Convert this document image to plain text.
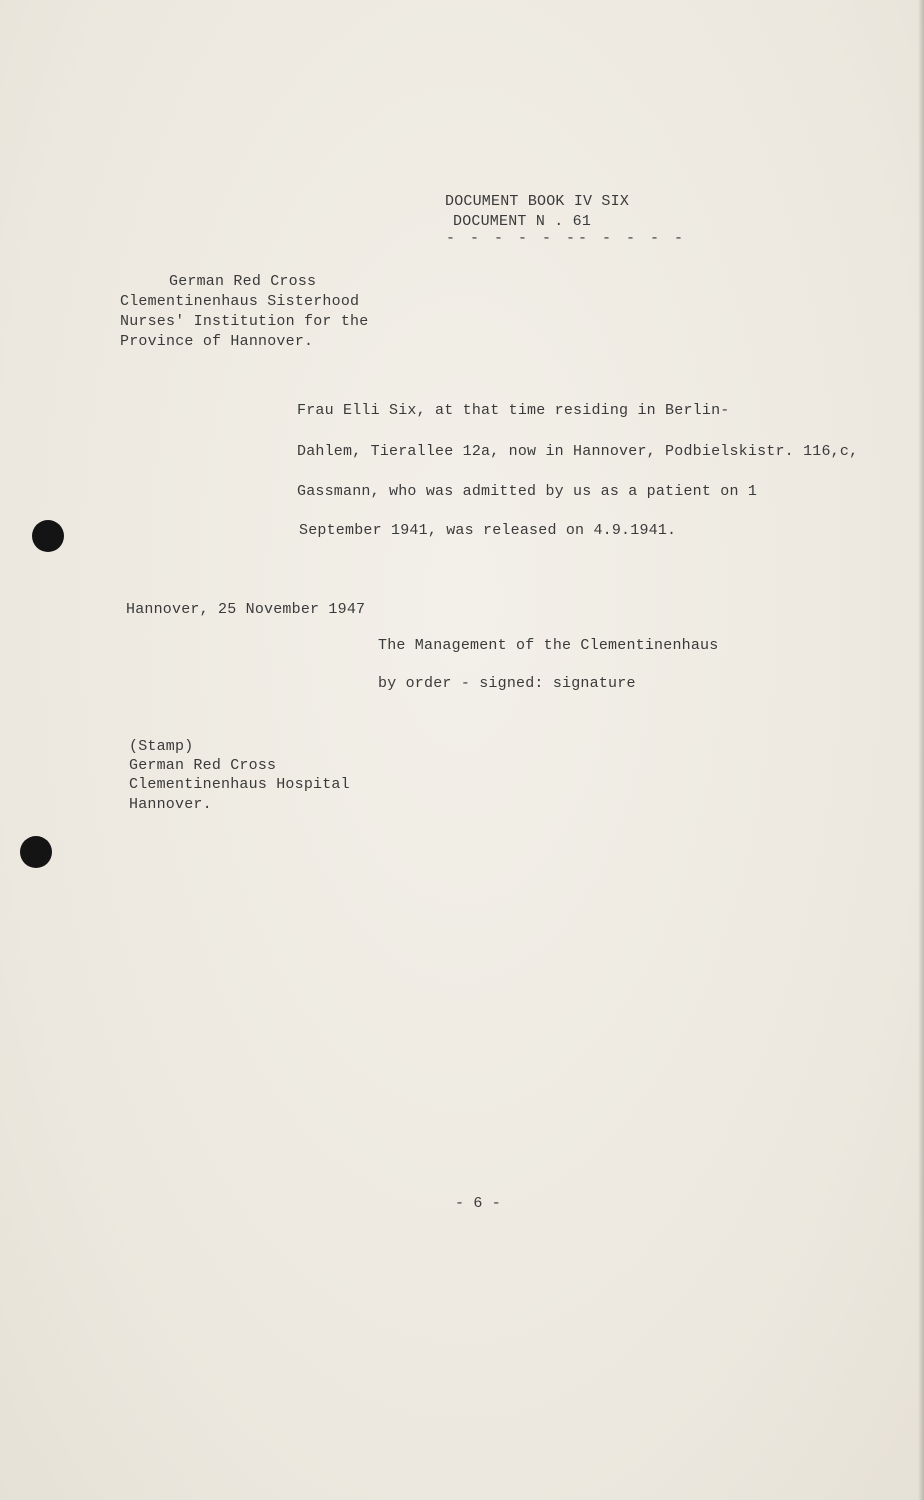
DOCUMENT BOOK IV SIX
DOCUMENT N . 61
- - - - - -- - - - -
German Red Cross
Clementinenhaus Sisterhood
Nurses' Institution for the
Province of Hannover.
Frau Elli Six, at that time residing in Berlin-
Dahlem, Tierallee 12a, now in Hannover, Podbielskistr. 116,c,
Gassmann, who was admitted by us as a patient on 1
September 1941, was released on 4.9.1941.
Hannover, 25 November 1947
The Management of the Clementinenhaus
by order - signed: signature
(Stamp)
German Red Cross
Clementinenhaus Hospital
Hannover.
- 6 -
